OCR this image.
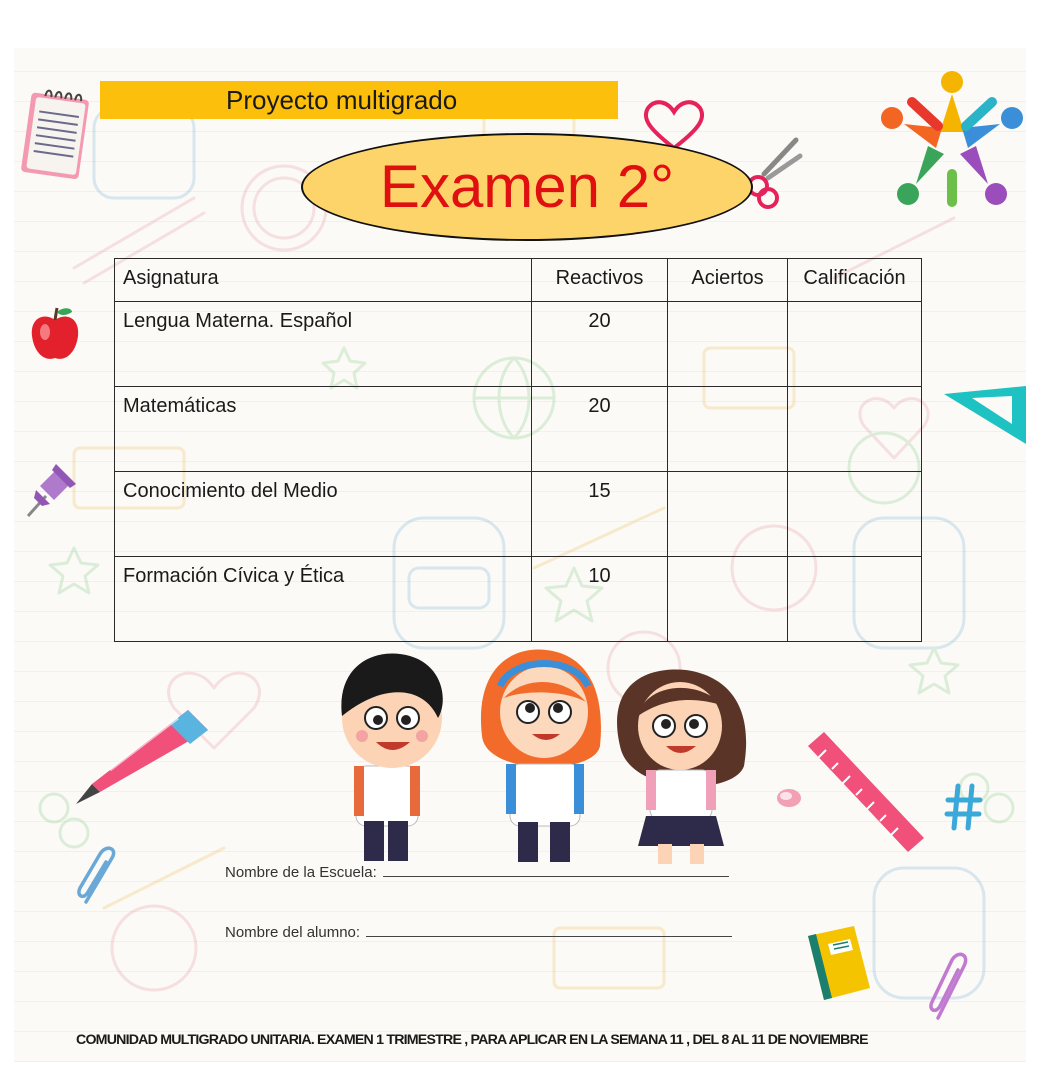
Proyecto multigrado
Examen 2°
Asignatura	Reactivos	Aciertos	Calificación
Lengua Materna. Español	20		
Matemáticas	20		
Conocimiento del Medio	15		
Formación Cívica y Ética	10		
Nombre de la Escuela:
Nombre del alumno:
COMUNIDAD MULTIGRADO UNITARIA. EXAMEN 1 TRIMESTRE , PARA APLICAR EN LA SEMANA 11 , DEL 8 AL 11 DE NOVIEMBRE
